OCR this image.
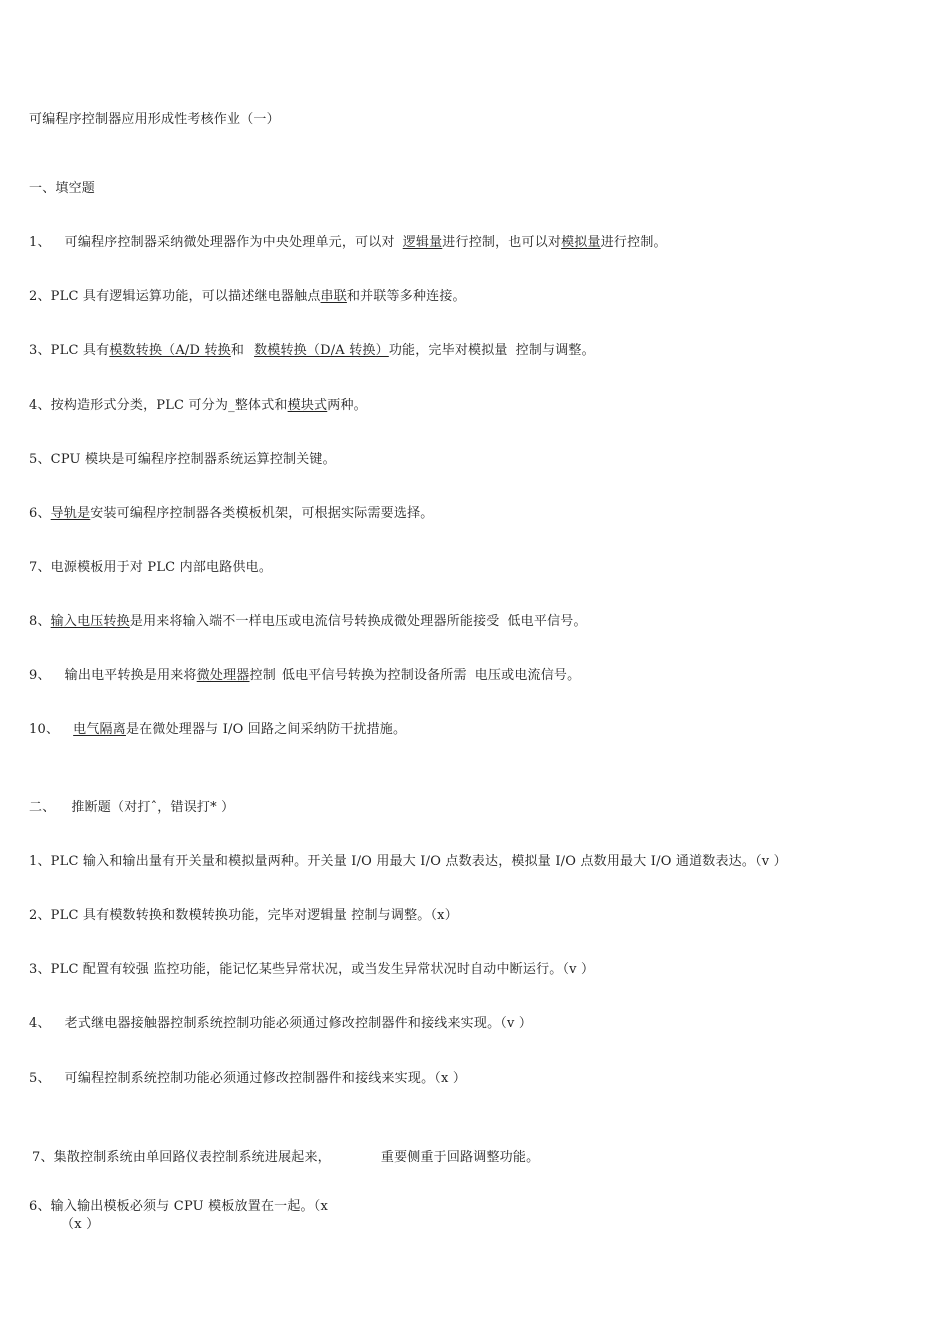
可编程序控制器应用形成性考核作业（一）
一、填空题
1、 可编程序控制器采纳微处理器作为中央处理单元，可以对 逻辑量进行控制，也可以对模拟量进行控制。
2、PLC 具有逻辑运算功能，可以描述继电器触点串联和并联等多种连接。
3、PLC 具有模数转换（A/D 转换和 数模转换（D/A 转换）功能，完毕对模拟量 控制与调整。
4、按构造形式分类，PLC 可分为_整体式和模块式两种。
5、CPU 模块是可编程序控制器系统运算控制关键。
6、导轨是安装可编程序控制器各类模板机架，可根据实际需要选择。
7、电源模板用于对 PLC 内部电路供电。
8、输入电压转换是用来将输入端不一样电压或电流信号转换成微处理器所能接受 低电平信号。
9、 输出电平转换是用来将微处理器控制 低电平信号转换为控制设备所需 电压或电流信号。
10、 电气隔离是在微处理器与 I/O 回路之间采纳防干扰措施。
二、 推断题（对打ˆ，错误打* ）
1、PLC 输入和输出量有开关量和模拟量两种。开关量 I/O 用最大 I/O 点数表达，模拟量 I/O 点数用最大 I/O 通道数表达。（v ）
2、PLC 具有模数转换和数模转换功能，完毕对逻辑量 控制与调整。（x）
3、PLC 配置有较强 监控功能，能记忆某些异常状况，或当发生异常状况时自动中断运行。（v ）
4、 老式继电器接触器控制系统控制功能必须通过修改控制器件和接线来实现。（v ）
5、 可编程控制系统控制功能必须通过修改控制器件和接线来实现。（x ）
7、集散控制系统由单回路仪表控制系统进展起来，	重要侧重于回路调整功能。
6、输入输出模板必须与 CPU 模板放置在一起。（x
（x ）
